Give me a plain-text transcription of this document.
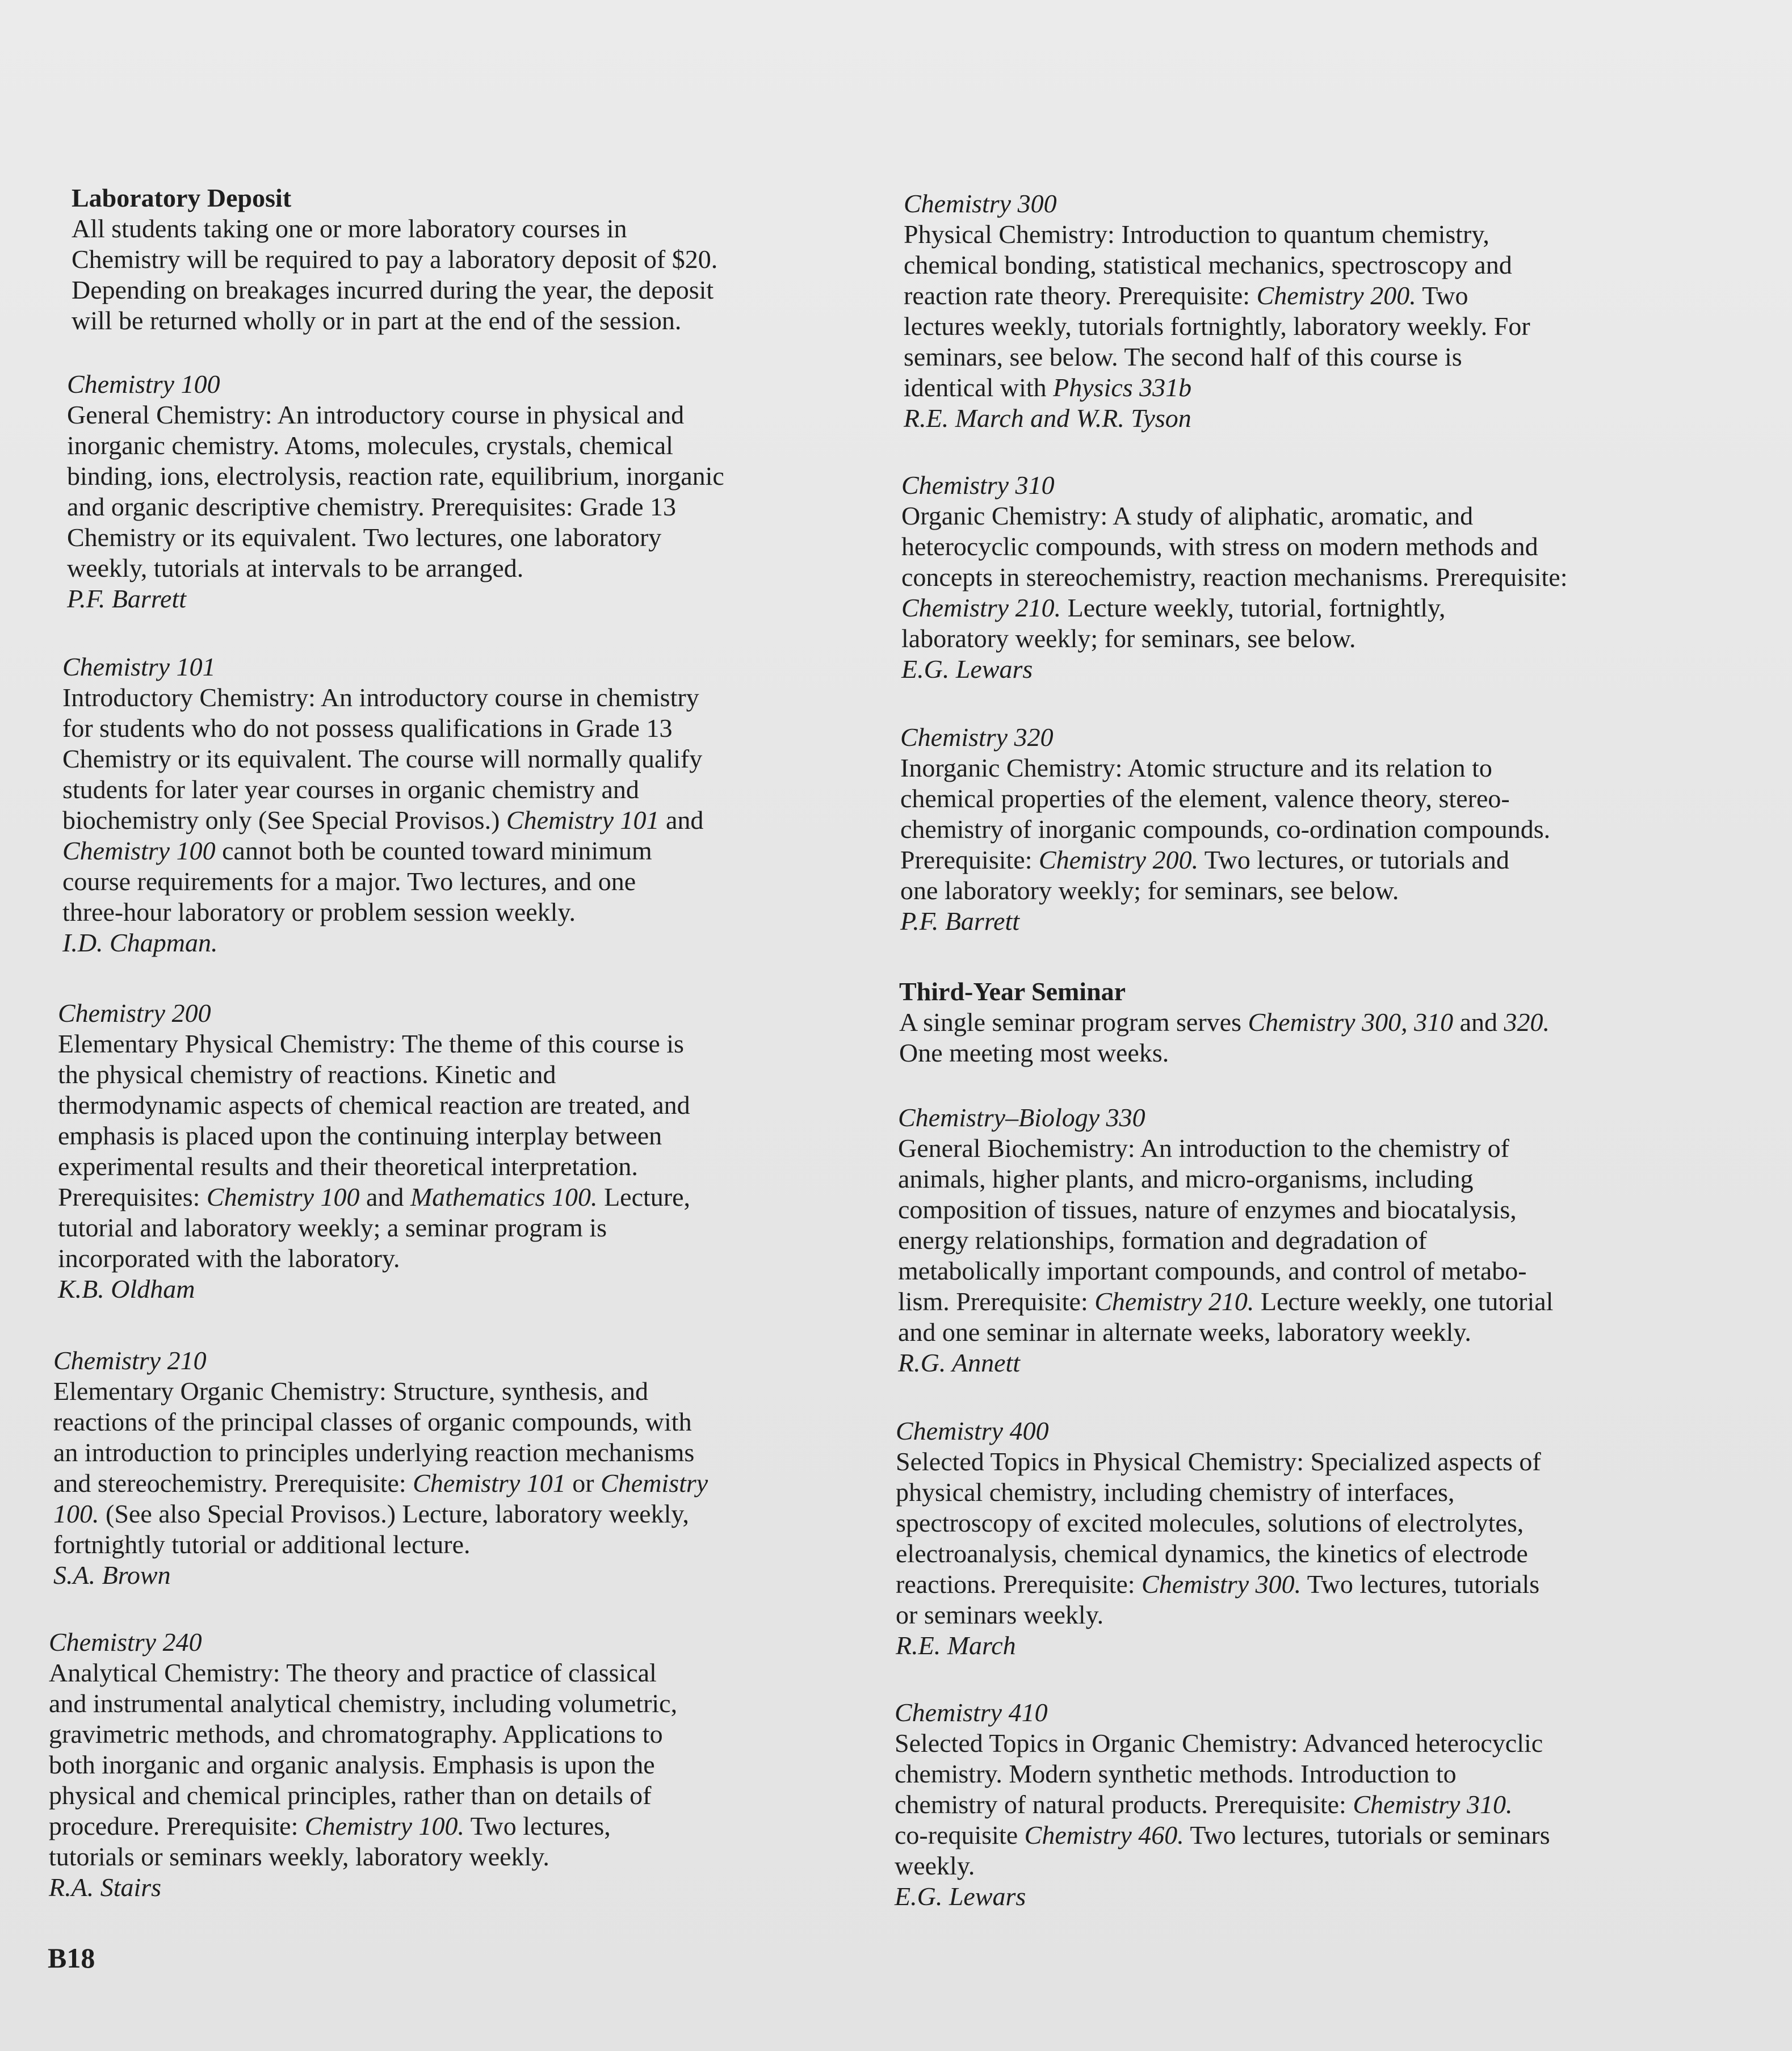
Laboratory Deposit
All students taking one or more laboratory courses in
Chemistry will be required to pay a laboratory deposit of $20.
Depending on breakages incurred during the year, the deposit
will be returned wholly or in part at the end of the session.
Chemistry 100
General Chemistry: An introductory course in physical and
inorganic chemistry. Atoms, molecules, crystals, chemical
binding, ions, electrolysis, reaction rate, equilibrium, inorganic
and organic descriptive chemistry. Prerequisites: Grade 13
Chemistry or its equivalent. Two lectures, one laboratory
weekly, tutorials at intervals to be arranged.
P.F. Barrett
Chemistry 101
Introductory Chemistry: An introductory course in chemistry
for students who do not possess qualifications in Grade 13
Chemistry or its equivalent. The course will normally qualify
students for later year courses in organic chemistry and
biochemistry only (See Special Provisos.) Chemistry 101 and
Chemistry 100 cannot both be counted toward minimum
course requirements for a major. Two lectures, and one
three-hour laboratory or problem session weekly.
I.D. Chapman.
Chemistry 200
Elementary Physical Chemistry: The theme of this course is
the physical chemistry of reactions. Kinetic and
thermodynamic aspects of chemical reaction are treated, and
emphasis is placed upon the continuing interplay between
experimental results and their theoretical interpretation.
Prerequisites: Chemistry 100 and Mathematics 100. Lecture,
tutorial and laboratory weekly; a seminar program is
incorporated with the laboratory.
K.B. Oldham
Chemistry 210
Elementary Organic Chemistry: Structure, synthesis, and
reactions of the principal classes of organic compounds, with
an introduction to principles underlying reaction mechanisms
and stereochemistry. Prerequisite: Chemistry 101 or Chemistry
100. (See also Special Provisos.) Lecture, laboratory weekly,
fortnightly tutorial or additional lecture.
S.A. Brown
Chemistry 240
Analytical Chemistry: The theory and practice of classical
and instrumental analytical chemistry, including volumetric,
gravimetric methods, and chromatography. Applications to
both inorganic and organic analysis. Emphasis is upon the
physical and chemical principles, rather than on details of
procedure. Prerequisite: Chemistry 100. Two lectures,
tutorials or seminars weekly, laboratory weekly.
R.A. Stairs
Chemistry 300
Physical Chemistry: Introduction to quantum chemistry,
chemical bonding, statistical mechanics, spectroscopy and
reaction rate theory. Prerequisite: Chemistry 200. Two
lectures weekly, tutorials fortnightly, laboratory weekly. For
seminars, see below. The second half of this course is
identical with Physics 331b
R.E. March and W.R. Tyson
Chemistry 310
Organic Chemistry: A study of aliphatic, aromatic, and
heterocyclic compounds, with stress on modern methods and
concepts in stereochemistry, reaction mechanisms. Prerequisite:
Chemistry 210. Lecture weekly, tutorial, fortnightly,
laboratory weekly; for seminars, see below.
E.G. Lewars
Chemistry 320
Inorganic Chemistry: Atomic structure and its relation to
chemical properties of the element, valence theory, stereo-
chemistry of inorganic compounds, co-ordination compounds.
Prerequisite: Chemistry 200. Two lectures, or tutorials and
one laboratory weekly; for seminars, see below.
P.F. Barrett
Third-Year Seminar
A single seminar program serves Chemistry 300, 310 and 320.
One meeting most weeks.
Chemistry–Biology 330
General Biochemistry: An introduction to the chemistry of
animals, higher plants, and micro-organisms, including
composition of tissues, nature of enzymes and biocatalysis,
energy relationships, formation and degradation of
metabolically important compounds, and control of metabo-
lism. Prerequisite: Chemistry 210. Lecture weekly, one tutorial
and one seminar in alternate weeks, laboratory weekly.
R.G. Annett
Chemistry 400
Selected Topics in Physical Chemistry: Specialized aspects of
physical chemistry, including chemistry of interfaces,
spectroscopy of excited molecules, solutions of electrolytes,
electroanalysis, chemical dynamics, the kinetics of electrode
reactions. Prerequisite: Chemistry 300. Two lectures, tutorials
or seminars weekly.
R.E. March
Chemistry 410
Selected Topics in Organic Chemistry: Advanced heterocyclic
chemistry. Modern synthetic methods. Introduction to
chemistry of natural products. Prerequisite: Chemistry 310.
co-requisite Chemistry 460. Two lectures, tutorials or seminars
weekly.
E.G. Lewars
B18
